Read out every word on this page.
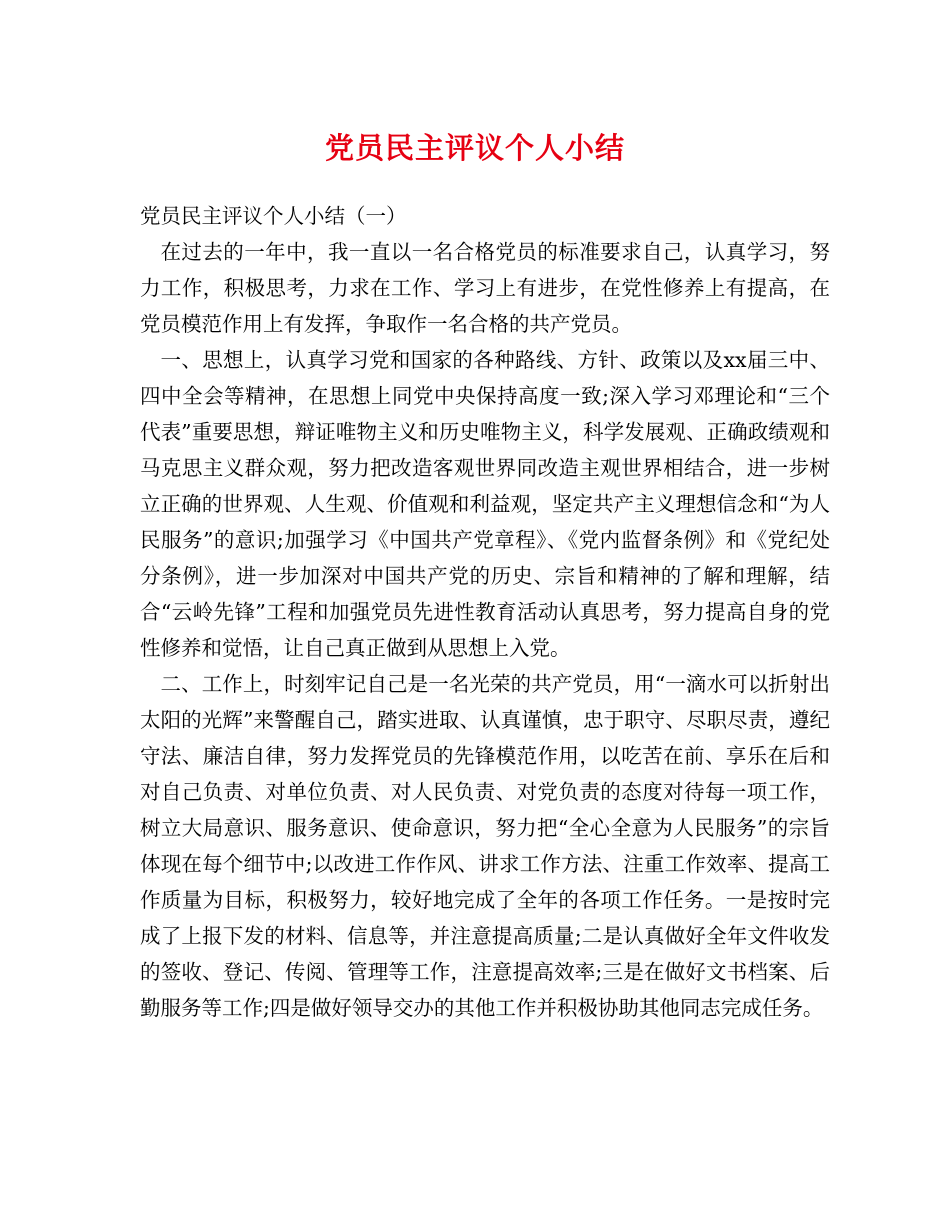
党员民主评议个人小结
党员民主评议个人小结（一）

在过去的一年中，我一直以一名合格党员的标准要求自己，认真学习，努力工作，积极思考，力求在工作、学习上有进步，在党性修养上有提高，在党员模范作用上有发挥，争取作一名合格的共产党员。

一、思想上，认真学习党和国家的各种路线、方针、政策以及xx届三中、四中全会等精神，在思想上同党中央保持高度一致;深入学习邓理论和“三个代表”重要思想，辩证唯物主义和历史唯物主义，科学发展观、正确政绩观和马克思主义群众观，努力把改造客观世界同改造主观世界相结合，进一步树立正确的世界观、人生观、价值观和利益观，坚定共产主义理想信念和“为人民服务”的意识;加强学习《中国共产党章程》、《党内监督条例》和《党纪处分条例》，进一步加深对中国共产党的历史、宗旨和精神的了解和理解，结合“云岭先锋”工程和加强党员先进性教育活动认真思考，努力提高自身的党性修养和觉悟，让自己真正做到从思想上入党。

二、工作上，时刻牢记自己是一名光荣的共产党员，用“一滴水可以折射出太阳的光辉”来警醒自己，踏实进取、认真谨慎，忠于职守、尽职尽责，遵纪守法、廉洁自律，努力发挥党员的先锋模范作用，以吃苦在前、享乐在后和对自己负责、对单位负责、对人民负责、对党负责的态度对待每一项工作，树立大局意识、服务意识、使命意识，努力把“全心全意为人民服务”的宗旨体现在每个细节中;以改进工作作风、讲求工作方法、注重工作效率、提高工作质量为目标，积极努力，较好地完成了全年的各项工作任务。一是按时完成了上报下发的材料、信息等，并注意提高质量;二是认真做好全年文件收发的签收、登记、传阅、管理等工作，注意提高效率;三是在做好文书档案、后勤服务等工作;四是做好领导交办的其他工作并积极协助其他同志完成任务。
